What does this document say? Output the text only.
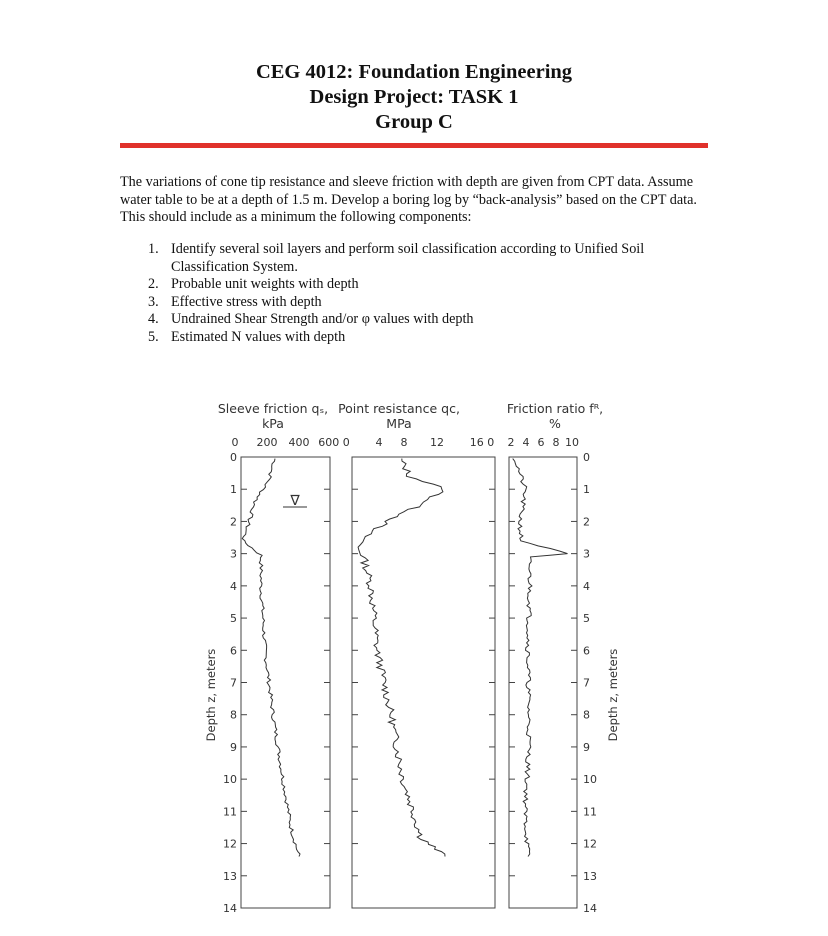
CEG 4012: Foundation Engineering
Design Project: TASK 1
Group C
The variations of cone tip resistance and sleeve friction with depth are given from CPT data. Assume water table to be at a depth of 1.5 m. Develop a boring log by “back-analysis” based on the CPT data. This should include as a minimum the following components:
1. Identify several soil layers and perform soil classification according to Unified Soil Classification System.
2. Probable unit weights with depth
3. Effective stress with depth
4. Undrained Shear Strength and/or φ values with depth
5. Estimated N values with depth
Sleeve friction qₛ,
kPa
Point resistance qᴄ,
MPa
Friction ratio fᴿ,
%
0 200 400 600 0 4 8 12 16 0 2 4 6 8 10
Depth z, meters	Depth z, meters
∇
0	0
1	1
2	2
3	3
4	4
5	5
6	6
7	7
8	8
9	9
10	10
11	11
12	12
13	13
14	14
